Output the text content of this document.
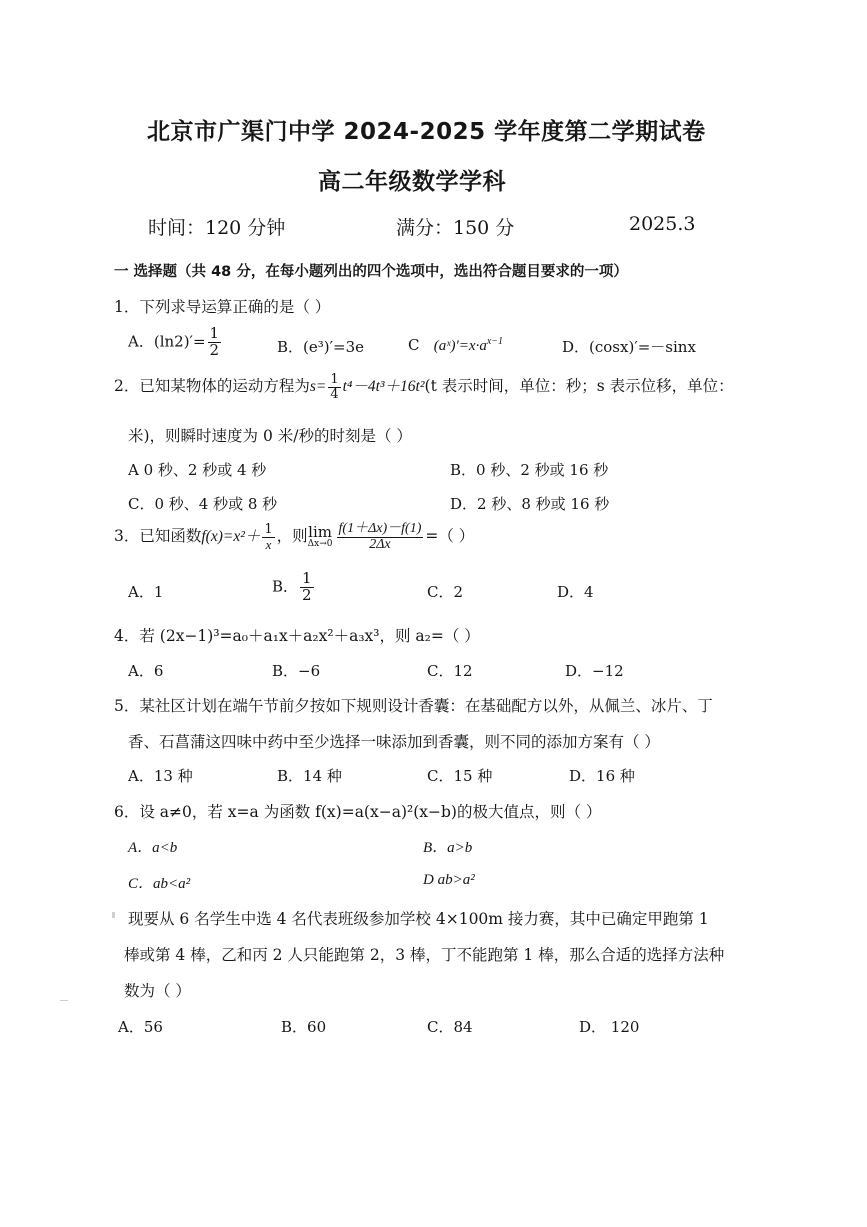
北京市广渠门中学 2024-2025 学年度第二学期试卷
高二年级数学学科
时间：120 分钟	满分：150 分	2025.3
一 选择题（共 48 分，在每小题列出的四个选项中，选出符合题目要求的一项）
1．下列求导运算正确的是（ ）
A．$(\ln 2)'= \frac{1}{2}$	B．(e³)′=3e	C $(aˣ)'=x\cdot a^{x-1}$	D．(cosx)′=－sinx
2．已知某物体的运动方程为$s= \frac{1}{4} t^4-4t^3+16t^2(t$ 表示时间，单位：秒；s 表示位移，单位：
米)，则瞬时速度为 0 米/秒的时刻是（ ）
A 0 秒、2 秒或 4 秒	B．0 秒、2 秒或 16 秒
C．0 秒、4 秒或 8 秒	D．2 秒、8 秒或 16 秒
3．已知函数$f(x)=x^2+ \frac{1}{x}$ ，则 lim
$\Delta x\to 0 \frac{f(1+\Delta x)-f(1)}{2\Delta x}$ =（ ）
A．1	B． $\frac{1}{2}$	C．2	D．4
4．若 (2x−1)³=a₀＋a₁x＋a₂x²＋a₃x³，则 a₂=（ ）
A．6	B．−6	C．12	D．−12
5．某社区计划在端午节前夕按如下规则设计香囊：在基础配方以外，从佩兰、冰片、丁
香、石菖蒲这四味中药中至少选择一味添加到香囊，则不同的添加方案有（ ）
A．13 种	B．14 种	C．15 种	D．16 种
6．设 a≠0，若 x=a 为函数 f(x)=a(x−a)²(x−b)的极大值点，则（ ）
A．a<b	B．a>b
C．ab<a²	D ab>a²
现要从 6 名学生中选 4 名代表班级参加学校 4×100m 接力赛，其中已确定甲跑第 1
棒或第 4 棒，乙和丙 2 人只能跑第 2，3 棒，丁不能跑第 1 棒，那么合适的选择方法种
数为（ ）
A．56	B．60	C．84	D． 120
